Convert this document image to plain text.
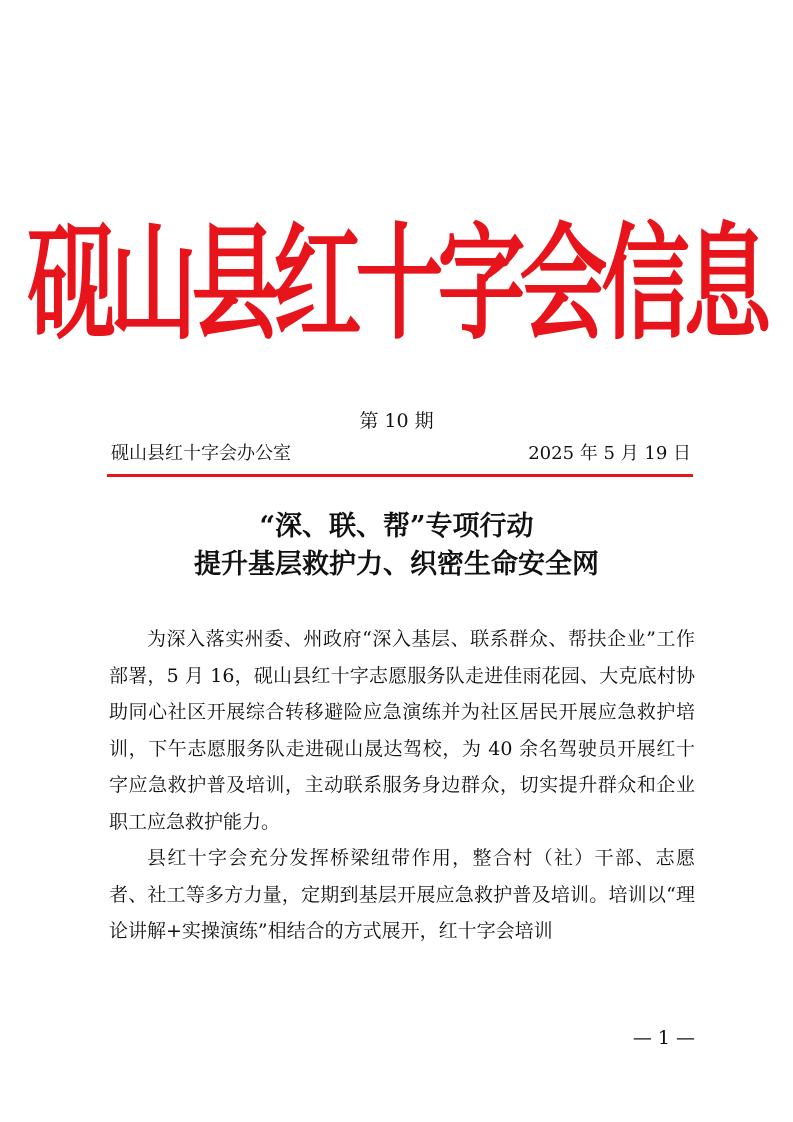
砚山县红十字会信息
第 10 期
砚山县红十字会办公室	2025 年 5 月 19 日
“深、联、帮”专项行动
提升基层救护力、织密生命安全网

为深入落实州委、州政府“深入基层、联系群众、帮扶企业”工作部署，5 月 16，砚山县红十字志愿服务队走进佳雨花园、大克底村协助同心社区开展综合转移避险应急演练并为社区居民开展应急救护培训，下午志愿服务队走进砚山晟达驾校，为 40 余名驾驶员开展红十字应急救护普及培训，主动联系服务身边群众，切实提升群众和企业职工应急救护能力。

县红十字会充分发挥桥梁纽带作用，整合村（社）干部、志愿者、社工等多方力量，定期到基层开展应急救护普及培训。培训以“理论讲解+实操演练”相结合的方式展开，红十字会培训

— 1 —
